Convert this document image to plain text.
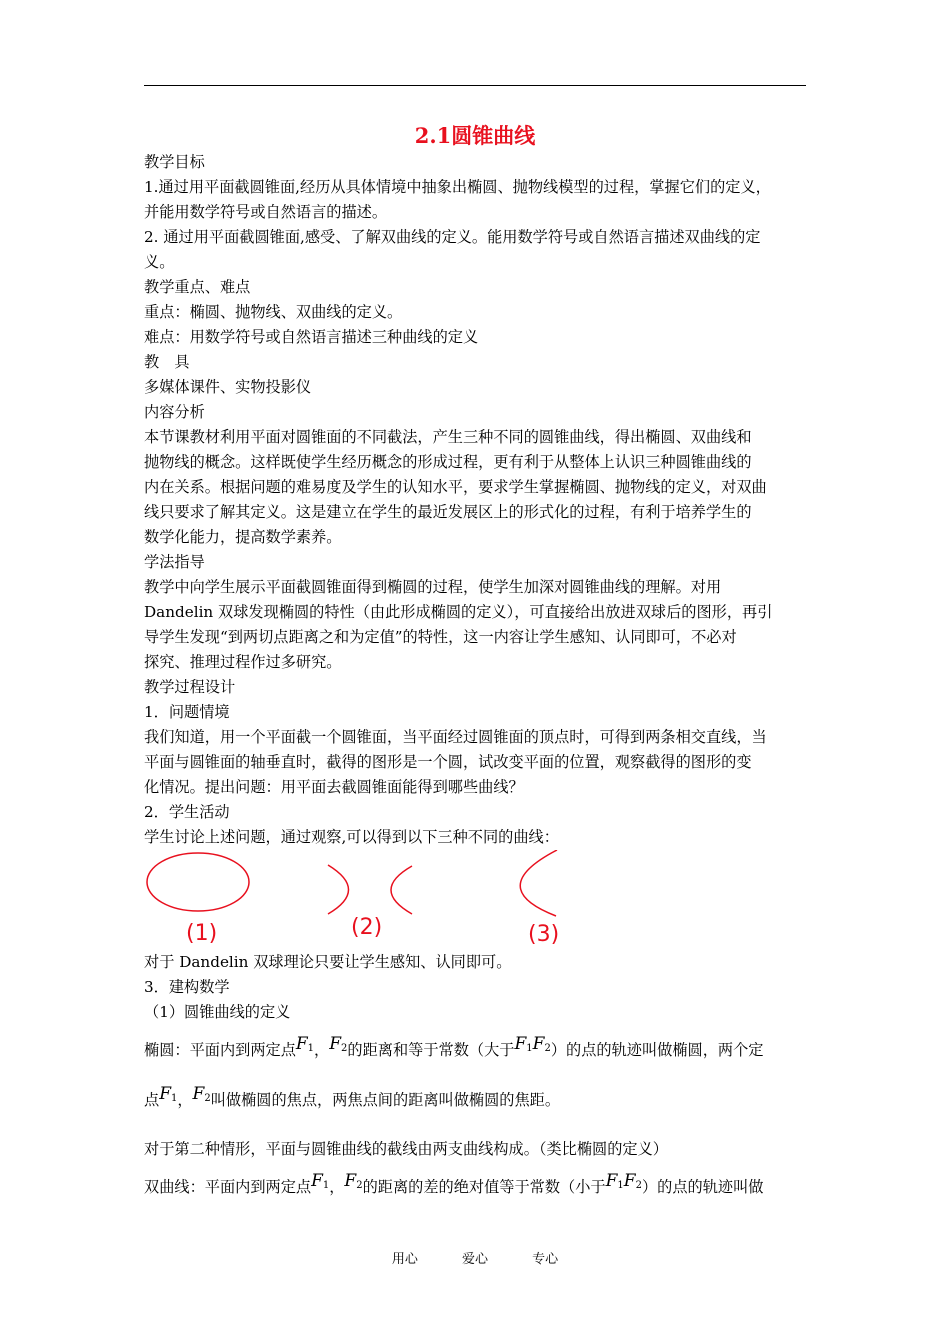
2.1圆锥曲线
教学目标
1.通过用平面截圆锥面,经历从具体情境中抽象出椭圆、抛物线模型的过程，掌握它们的定义，
并能用数学符号或自然语言的描述。
2. 通过用平面截圆锥面,感受、了解双曲线的定义。能用数学符号或自然语言描述双曲线的定
义。
教学重点、难点
重点：椭圆、抛物线、双曲线的定义。
难点：用数学符号或自然语言描述三种曲线的定义
教　具
多媒体课件、实物投影仪
内容分析
本节课教材利用平面对圆锥面的不同截法，产生三种不同的圆锥曲线，得出椭圆、双曲线和
抛物线的概念。这样既使学生经历概念的形成过程，更有利于从整体上认识三种圆锥曲线的
内在关系。根据问题的难易度及学生的认知水平，要求学生掌握椭圆、抛物线的定义，对双曲
线只要求了解其定义。这是建立在学生的最近发展区上的形式化的过程，有利于培养学生的
数学化能力，提高数学素养。
学法指导
教学中向学生展示平面截圆锥面得到椭圆的过程，使学生加深对圆锥曲线的理解。对用
Dandelin 双球发现椭圆的特性（由此形成椭圆的定义），可直接给出放进双球后的图形，再引
导学生发现“到两切点距离之和为定值”的特性，这一内容让学生感知、认同即可，不必对
探究、推理过程作过多研究。
教学过程设计
1．问题情境
我们知道，用一个平面截一个圆锥面，当平面经过圆锥面的顶点时，可得到两条相交直线，当
平面与圆锥面的轴垂直时，截得的图形是一个圆，试改变平面的位置，观察截得的图形的变
化情况。提出问题：用平面去截圆锥面能得到哪些曲线？
2．学生活动
学生讨论上述问题，通过观察,可以得到以下三种不同的曲线：
(1)	(2)	(3)
对于 Dandelin 双球理论只要让学生感知、认同即可。
3．建构数学
（1）圆锥曲线的定义
椭圆：平面内到两定点$F_1$，$F_2$的距离和等于常数（大于$F_1F_2$）的点的轨迹叫做椭圆，两个定
点$F_1$，$F_2$叫做椭圆的焦点，两焦点间的距离叫做椭圆的焦距。
对于第二种情形，平面与圆锥曲线的截线由两支曲线构成。（类比椭圆的定义）
双曲线：平面内到两定点$F_1$，$F_2$的距离的差的绝对值等于常数（小于$F_1F_2$）的点的轨迹叫做
用心	爱心	专心
